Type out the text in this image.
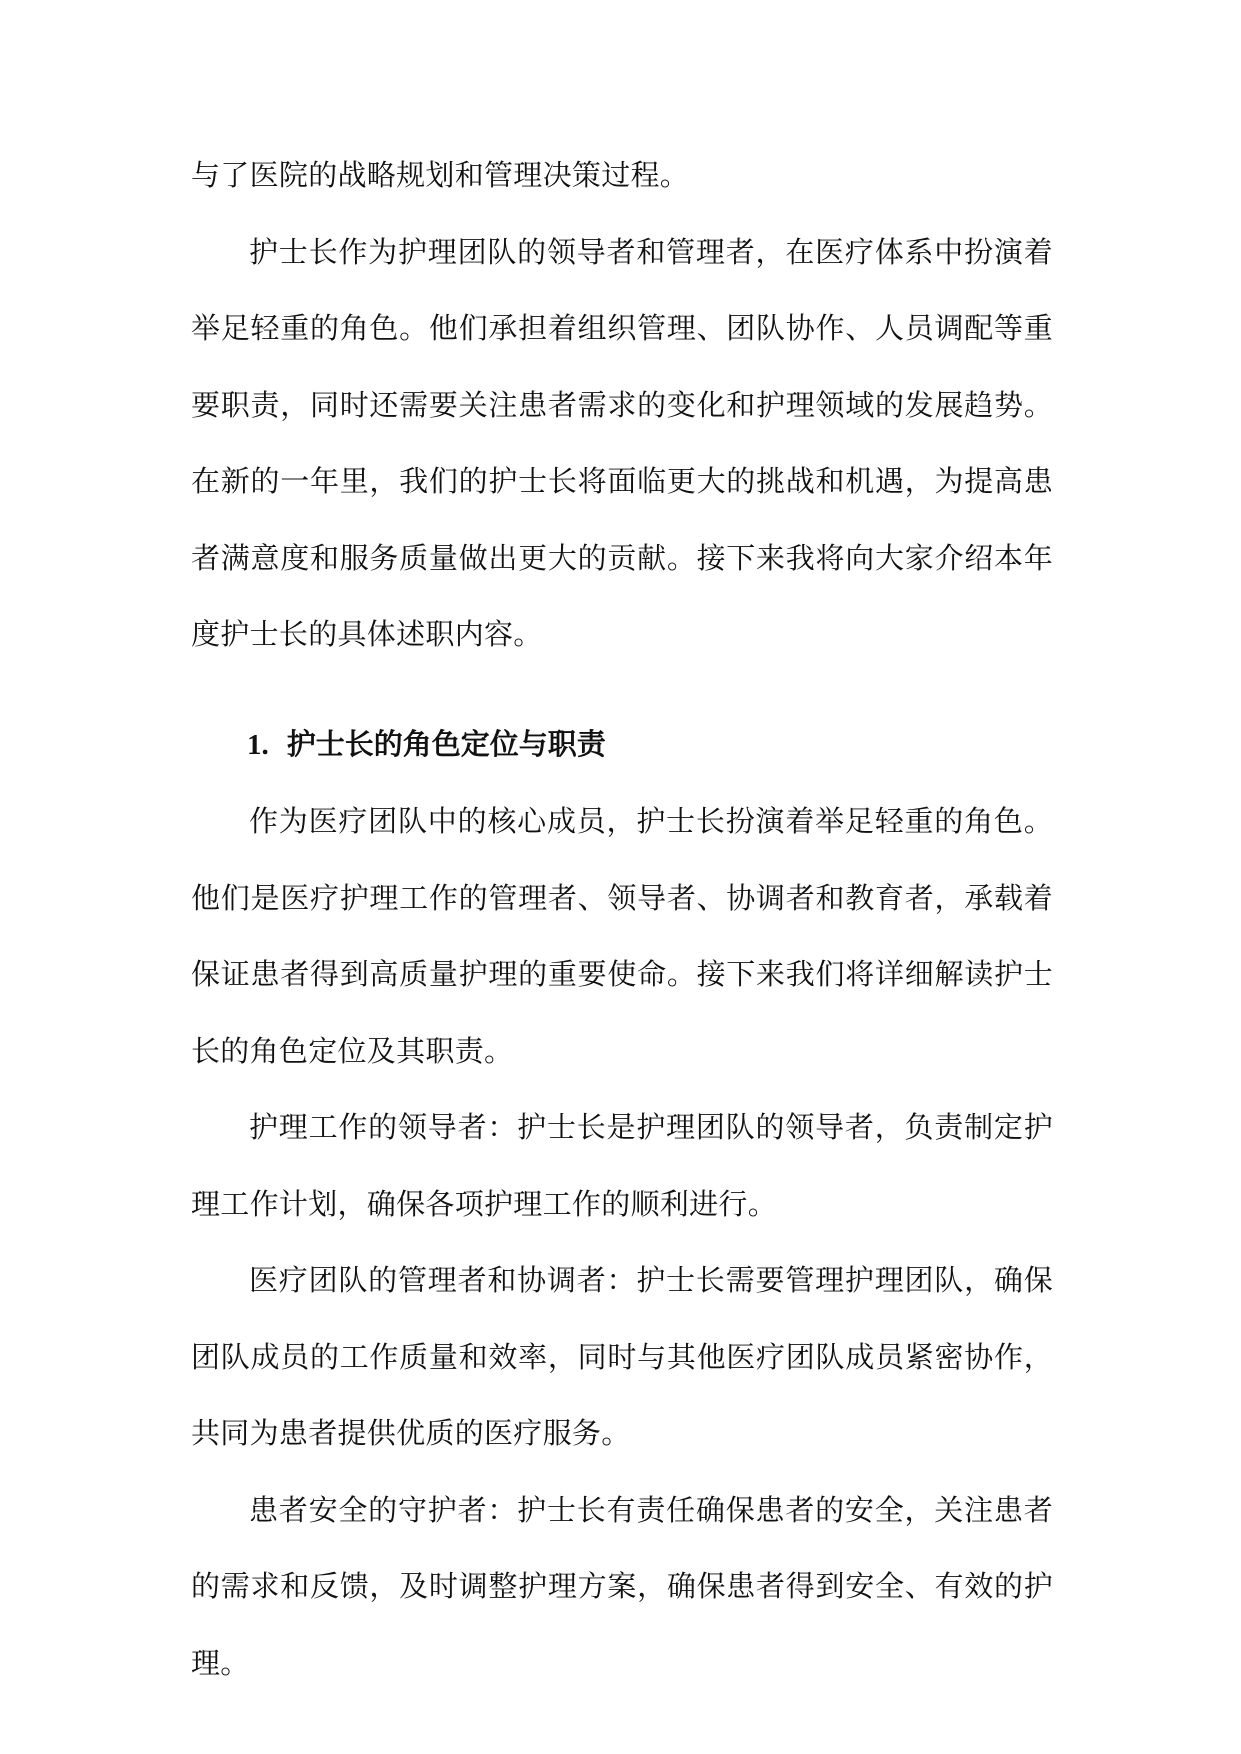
与了医院的战略规划和管理决策过程。

护士长作为护理团队的领导者和管理者，在医疗体系中扮演着举足轻重的角色。他们承担着组织管理、团队协作、人员调配等重要职责，同时还需要关注患者需求的变化和护理领域的发展趋势。在新的一年里，我们的护士长将面临更大的挑战和机遇，为提高患者满意度和服务质量做出更大的贡献。接下来我将向大家介绍本年度护士长的具体述职内容。

1. 护士长的角色定位与职责

作为医疗团队中的核心成员，护士长扮演着举足轻重的角色。他们是医疗护理工作的管理者、领导者、协调者和教育者，承载着保证患者得到高质量护理的重要使命。接下来我们将详细解读护士长的角色定位及其职责。

护理工作的领导者：护士长是护理团队的领导者，负责制定护理工作计划，确保各项护理工作的顺利进行。

医疗团队的管理者和协调者：护士长需要管理护理团队，确保团队成员的工作质量和效率，同时与其他医疗团队成员紧密协作，共同为患者提供优质的医疗服务。

患者安全的守护者：护士长有责任确保患者的安全，关注患者的需求和反馈，及时调整护理方案，确保患者得到安全、有效的护理。
